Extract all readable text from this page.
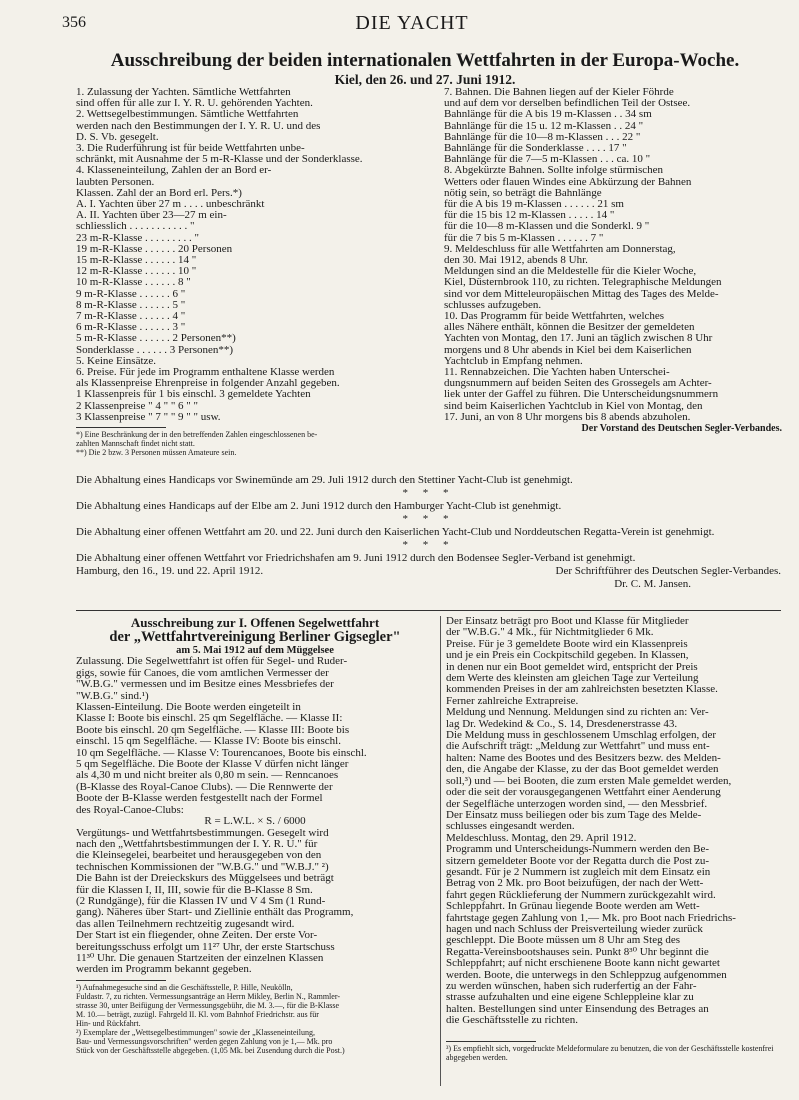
356	DIE YACHT
Ausschreibung der beiden internationalen Wettfahrten in der Europa-Woche.
Kiel, den 26. und 27. Juni 1912.

1. Zulassung der Yachten. Sämtliche Wettfahrten

sind offen für alle zur I. Y. R. U. gehörenden Yachten.

2. Wettsegelbestimmungen. Sämtliche Wettfahrten

werden nach den Bestimmungen der I. Y. R. U. und des

D. S. Vb. gesegelt.

3. Die Ruderführung ist für beide Wettfahrten unbe-

schränkt, mit Ausnahme der 5 m-R-Klasse und der Sonderklasse.

4. Klasseneinteilung, Zahlen der an Bord er-

laubten Personen.

Klassen. Zahl der an Bord erl. Pers.*)

A. I. Yachten über 27 m . . . . unbeschränkt

A. II. Yachten über 23—27 m ein-

schliesslich . . . . . . . . . . . "

23 m-R-Klasse . . . . . . . . . "

19 m-R-Klasse . . . . . . 20 Personen

15 m-R-Klasse . . . . . . 14 "

12 m-R-Klasse . . . . . . 10 "

10 m-R-Klasse . . . . . . 8 "

9 m-R-Klasse . . . . . . 6 "

8 m-R-Klasse . . . . . . 5 "

7 m-R-Klasse . . . . . . 4 "

6 m-R-Klasse . . . . . . 3 "

5 m-R-Klasse . . . . . . 2 Personen**)

Sonderklasse . . . . . . 3 Personen**)

5. Keine Einsätze.

6. Preise. Für jede im Programm enthaltene Klasse werden

als Klassenpreise Ehrenpreise in folgender Anzahl gegeben.

1 Klassenpreis für 1 bis einschl. 3 gemeldete Yachten

2 Klassenpreise " 4 " " 6 " "

3 Klassenpreise " 7 " " 9 " " usw.

*) Eine Beschränkung der in den betreffenden Zahlen eingeschlossenen be-

zahlten Mannschaft findet nicht statt.

**) Die 2 bzw. 3 Personen müssen Amateure sein.

7. Bahnen. Die Bahnen liegen auf der Kieler Föhrde

und auf dem vor derselben befindlichen Teil der Ostsee.

Bahnlänge für die A bis 19 m-Klassen . . 34 sm

Bahnlänge für die 15 u. 12 m-Klassen . . 24 "

Bahnlänge für die 10—8 m-Klassen . . . 22 "

Bahnlänge für die Sonderklasse . . . . 17 "

Bahnlänge für die 7—5 m-Klassen . . . ca. 10 "

8. Abgekürzte Bahnen. Sollte infolge stürmischen

Wetters oder flauen Windes eine Abkürzung der Bahnen

nötig sein, so beträgt die Bahnlänge

für die A bis 19 m-Klassen . . . . . . 21 sm

für die 15 bis 12 m-Klassen . . . . . 14 "

für die 10—8 m-Klassen und die Sonderkl. 9 "

für die 7 bis 5 m-Klassen . . . . . . 7 "

9. Meldeschluss für alle Wettfahrten am Donnerstag,

den 30. Mai 1912, abends 8 Uhr.

Meldungen sind an die Meldestelle für die Kieler Woche,

Kiel, Düsternbrook 110, zu richten. Telegraphische Meldungen

sind vor dem Mitteleuropäischen Mittag des Tages des Melde-

schlusses aufzugeben.

10. Das Programm für beide Wettfahrten, welches

alles Nähere enthält, können die Besitzer der gemeldeten

Yachten von Montag, den 17. Juni an täglich zwischen 8 Uhr

morgens und 8 Uhr abends in Kiel bei dem Kaiserlichen

Yachtclub in Empfang nehmen.

11. Rennabzeichen. Die Yachten haben Unterschei-

dungsnummern auf beiden Seiten des Grossegels am Achter-

liek unter der Gaffel zu führen. Die Unterscheidungsnummern

sind beim Kaiserlichen Yachtclub in Kiel von Montag, den

17. Juni, an von 8 Uhr morgens bis 8 abends abzuholen.

Der Vorstand des Deutschen Segler-Verbandes.

Die Abhaltung eines Handicaps vor Swinemünde am 29. Juli 1912 durch den Stettiner Yacht-Club ist genehmigt.

* * *

Die Abhaltung eines Handicaps auf der Elbe am 2. Juni 1912 durch den Hamburger Yacht-Club ist genehmigt.

* * *

Die Abhaltung einer offenen Wettfahrt am 20. und 22. Juni durch den Kaiserlichen Yacht-Club und Norddeutschen Regatta-Verein ist genehmigt.

* * *

Die Abhaltung einer offenen Wettfahrt vor Friedrichshafen am 9. Juni 1912 durch den Bodensee Segler-Verband ist genehmigt.

Hamburg, den 16., 19. und 22. April 1912.	Der Schriftführer des Deutschen Segler-Verbandes.

Dr. C. M. Jansen.

Ausschreibung zur I. Offenen Segelwettfahrt

der „Wettfahrtvereinigung Berliner Gigsegler"

am 5. Mai 1912 auf dem Müggelsee

Zulassung. Die Segelwettfahrt ist offen für Segel- und Ruder-

gigs, sowie für Canoes, die vom amtlichen Vermesser der

"W.B.G." vermessen und im Besitze eines Messbriefes der

"W.B.G." sind.¹)

Klassen-Einteilung. Die Boote werden eingeteilt in

Klasse I: Boote bis einschl. 25 qm Segelfläche. — Klasse II:

Boote bis einschl. 20 qm Segelfläche. — Klasse III: Boote bis

einschl. 15 qm Segelfläche. — Klasse IV: Boote bis einschl.

10 qm Segelfläche. — Klasse V: Tourencanoes, Boote bis einschl.

5 qm Segelfläche. Die Boote der Klasse V dürfen nicht länger

als 4,30 m und nicht breiter als 0,80 m sein. — Renncanoes

(B-Klasse des Royal-Canoe Clubs). — Die Rennwerte der

Boote der B-Klasse werden festgestellt nach der Formel

des Royal-Canoe-Clubs:

R = L.W.L. × S. / 6000

Vergütungs- und Wettfahrtsbestimmungen. Gesegelt wird

nach den „Wettfahrtsbestimmungen der I. Y. R. U." für

die Kleinsegelei, bearbeitet und herausgegeben von den

technischen Kommissionen der "W.B.G." und "W.B.J." ²)

Die Bahn ist der Dreieckskurs des Müggelsees und beträgt

für die Klassen I, II, III, sowie für die B-Klasse 8 Sm.

(2 Rundgänge), für die Klassen IV und V 4 Sm (1 Rund-

gang). Näheres über Start- und Ziellinie enthält das Programm,

das allen Teilnehmern rechtzeitig zugesandt wird.

Der Start ist ein fliegender, ohne Zeiten. Der erste Vor-

bereitungsschuss erfolgt um 11²⁷ Uhr, der erste Startschuss

11³⁰ Uhr. Die genauen Startzeiten der einzelnen Klassen

werden im Programm bekannt gegeben.

¹) Aufnahmegesuche sind an die Geschäftsstelle, P. Hille, Neukölln,

Fuldastr. 7, zu richten. Vermessungsanträge an Herrn Mikley, Berlin N., Rammler-

strasse 30, unter Beifügung der Vermessungsgebühr, die M. 3.—, für die B-Klasse

M. 10.— beträgt, zuzügl. Fahrgeld II. Kl. vom Bahnhof Friedrichstr. aus für

Hin- und Rückfahrt.

²) Exemplare der „Wettsegelbestimmungen" sowie der „Klasseneinteilung,

Bau- und Vermessungsvorschriften" werden gegen Zahlung von je 1,— Mk. pro

Stück von der Geschäftsstelle abgegeben. (1,05 Mk. bei Zusendung durch die Post.)

Der Einsatz beträgt pro Boot und Klasse für Mitglieder

der "W.B.G." 4 Mk., für Nichtmitglieder 6 Mk.

Preise. Für je 3 gemeldete Boote wird ein Klassenpreis

und je ein Preis ein Cockpitschild gegeben. In Klassen,

in denen nur ein Boot gemeldet wird, entspricht der Preis

dem Werte des kleinsten am gleichen Tage zur Verteilung

kommenden Preises in der am zahlreichsten besetzten Klasse.

Ferner zahlreiche Extrapreise.

Meldung und Nennung. Meldungen sind zu richten an: Ver-

lag Dr. Wedekind & Co., S. 14, Dresdenerstrasse 43.

Die Meldung muss in geschlossenem Umschlag erfolgen, der

die Aufschrift trägt: „Meldung zur Wettfahrt" und muss ent-

halten: Name des Bootes und des Besitzers bezw. des Melden-

den, die Angabe der Klasse, zu der das Boot gemeldet werden

soll,³) und — bei Booten, die zum ersten Male gemeldet werden,

oder die seit der vorausgegangenen Wettfahrt einer Aenderung

der Segelfläche unterzogen worden sind, — den Messbrief.

Der Einsatz muss beiliegen oder bis zum Tage des Melde-

schlusses eingesandt werden.

Meldeschluss. Montag, den 29. April 1912.

Programm und Unterscheidungs-Nummern werden den Be-

sitzern gemeldeter Boote vor der Regatta durch die Post zu-

gesandt. Für je 2 Nummern ist zugleich mit dem Einsatz ein

Betrag von 2 Mk. pro Boot beizufügen, der nach der Wett-

fahrt gegen Rücklieferung der Nummern zurückgezahlt wird.

Schleppfahrt. In Grünau liegende Boote werden am Wett-

fahrtstage gegen Zahlung von 1,— Mk. pro Boot nach Friedrichs-

hagen und nach Schluss der Preisverteilung wieder zurück

geschleppt. Die Boote müssen um 8 Uhr am Steg des

Regatta-Vereinsbootshauses sein. Punkt 8³⁰ Uhr beginnt die

Schleppfahrt; auf nicht erschienene Boote kann nicht gewartet

werden. Boote, die unterwegs in den Schleppzug aufgenommen

zu werden wünschen, haben sich ruderfertig an der Fahr-

strasse aufzuhalten und eine eigene Schleppleine klar zu

halten. Bestellungen sind unter Einsendung des Betrages an

die Geschäftsstelle zu richten.

³) Es empfiehlt sich, vorgedruckte Meldeformulare zu benutzen, die von der Geschäftsstelle kostenfrei abgegeben werden.
